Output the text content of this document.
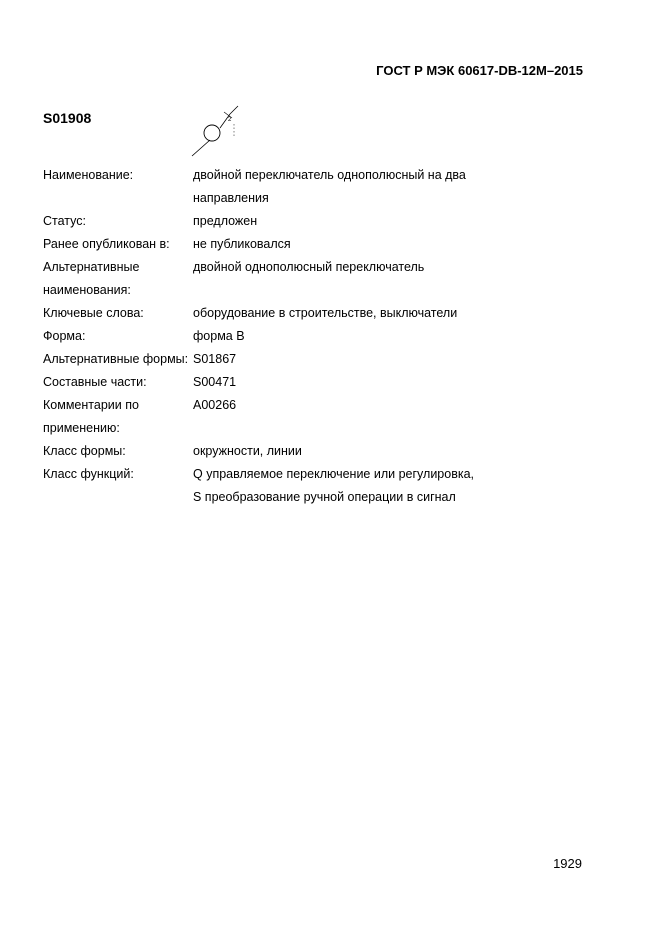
ГОСТ Р МЭК 60617-DB-12M–2015
S01908	2
Наименование:	двойной переключатель однополюсный на два
направления
Статус:	предложен
Ранее опубликован в:	не публиковался
Альтернативные наименования:
двойной однополюсный переключатель
Ключевые слова:	оборудование в строительстве, выключатели
Форма:	форма В
Альтернативные формы: S01867
Составные части:	S00471
Комментарии по применению:
A00266
Класс формы:	окружности, линии
Класс функций:	Q управляемое переключение или регулировка,
S преобразование ручной операции в сигнал
1929
